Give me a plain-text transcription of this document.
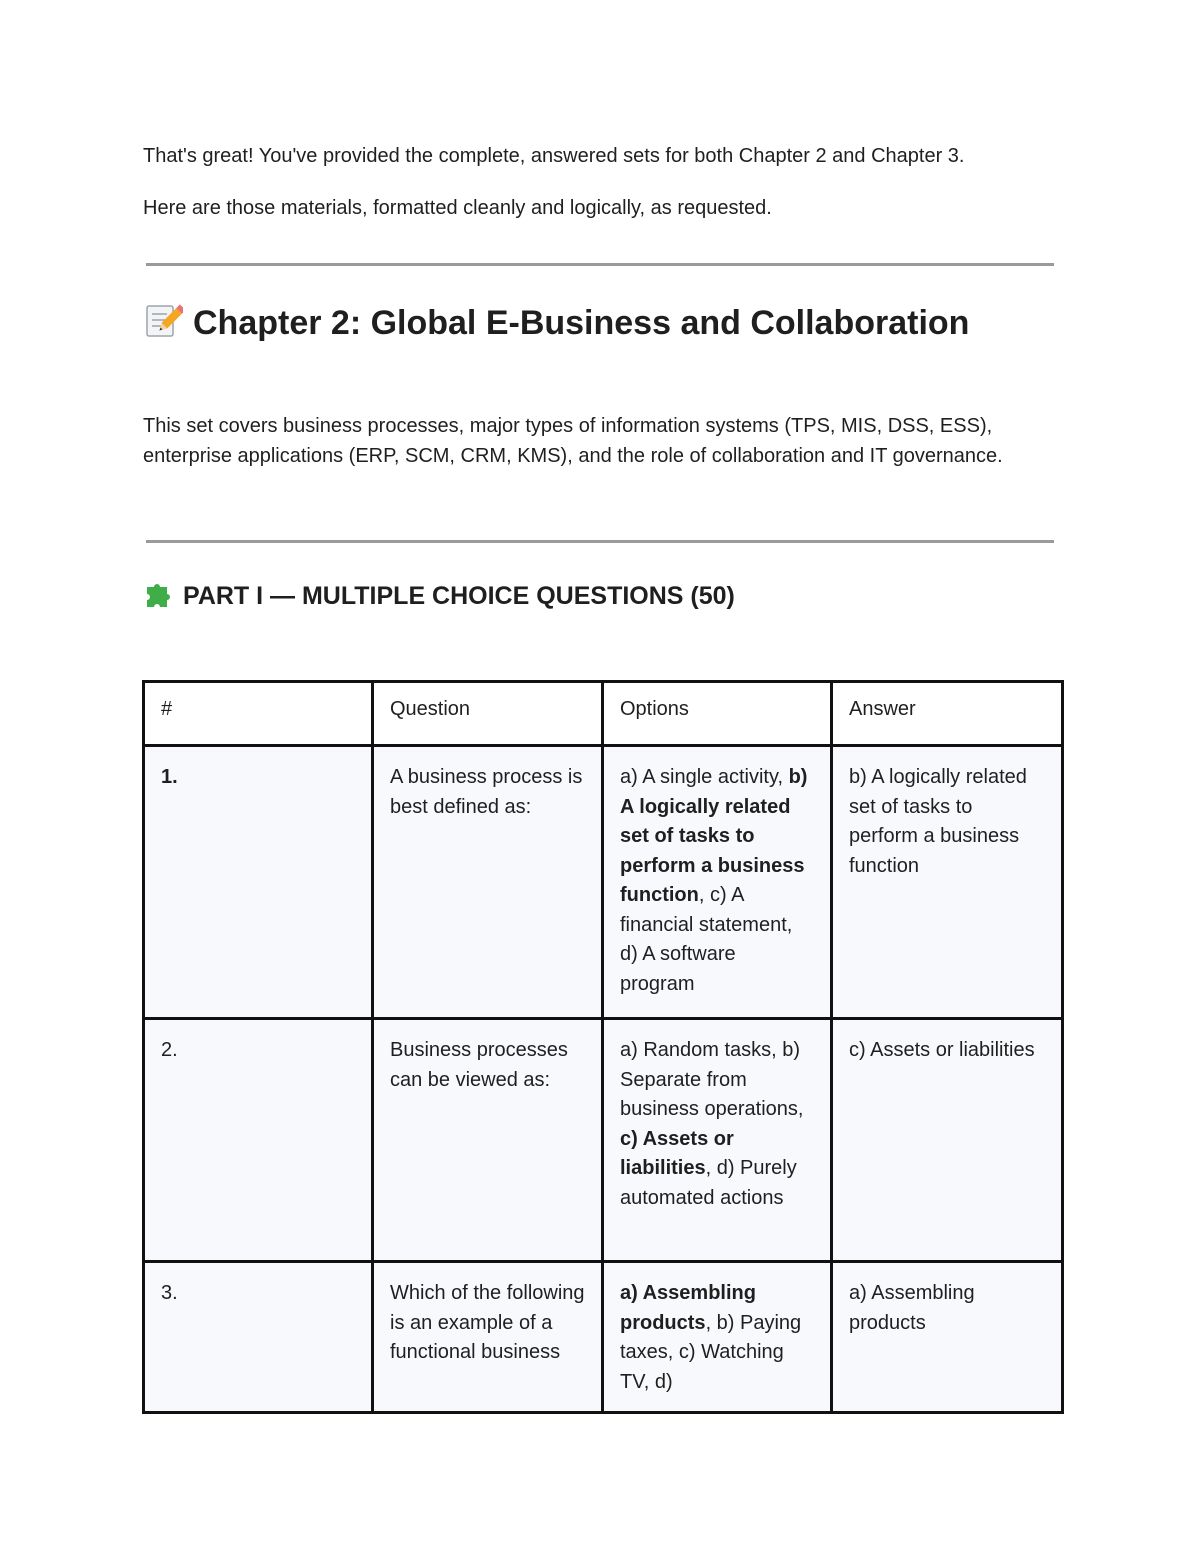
That's great! You've provided the complete, answered sets for both Chapter 2 and Chapter 3.

Here are those materials, formatted cleanly and logically, as requested.

Chapter 2: Global E-Business and Collaboration

This set covers business processes, major types of information systems (TPS, MIS, DSS, ESS), enterprise applications (ERP, SCM, CRM, KMS), and the role of collaboration and IT governance.

PART I — MULTIPLE CHOICE QUESTIONS (50)
#	Question	Options	Answer
1.	A business process is best defined as:	a) A single activity, b) A logically related set of tasks to perform a business function, c) A financial statement, d) A software program	b) A logically related set of tasks to perform a business function
2.	Business processes can be viewed as:	a) Random tasks, b) Separate from business operations, c) Assets or liabilities, d) Purely automated actions	c) Assets or liabilities
3.	Which of the following is an example of a functional business	a) Assembling products, b) Paying taxes, c) Watching TV, d)	a) Assembling products
